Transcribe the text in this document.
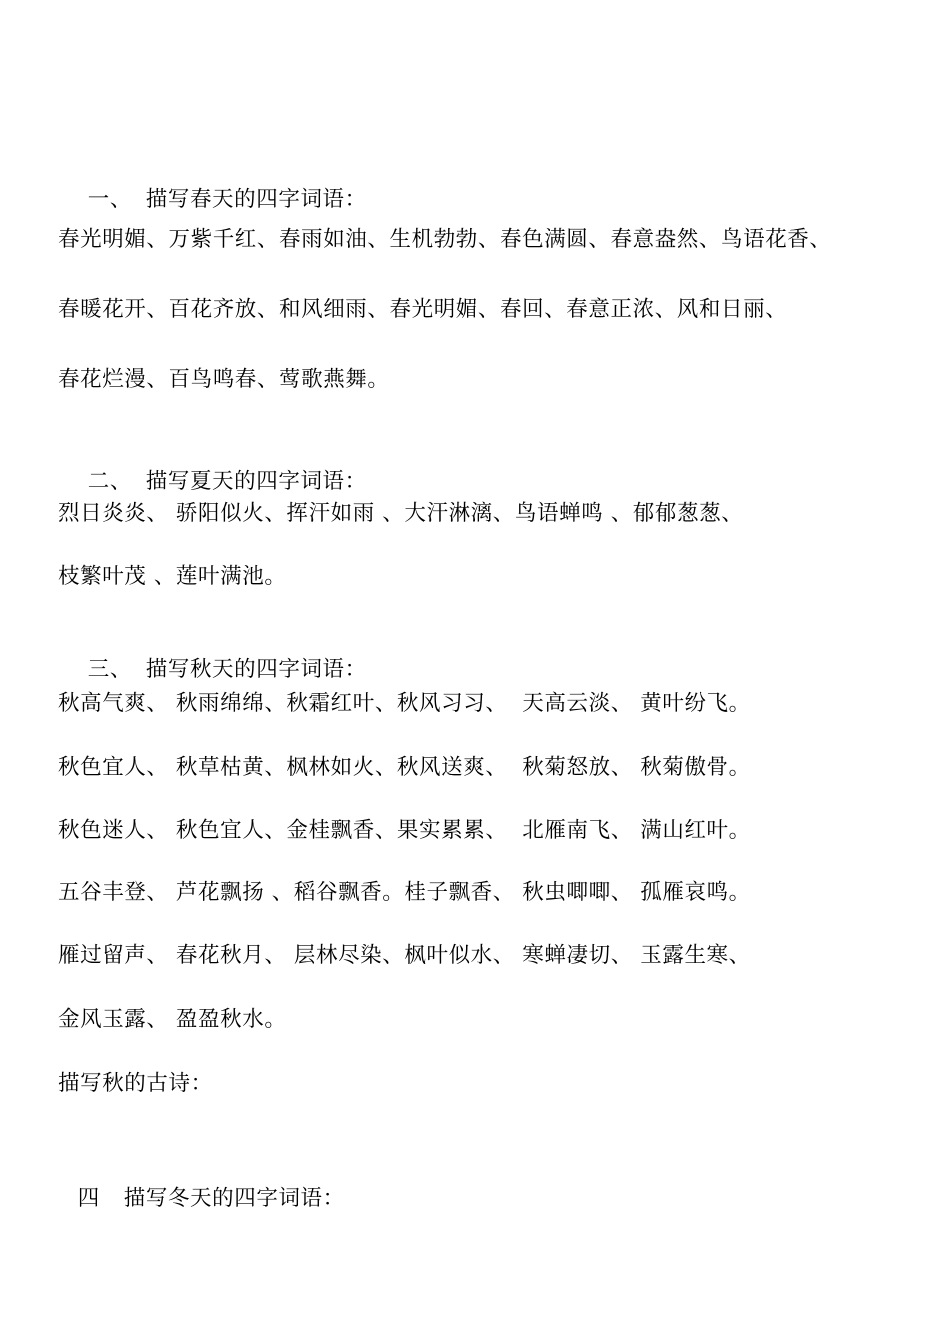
一、 描写春天的四字词语：

春光明媚、万紫千红、春雨如油、生机勃勃、春色满圆、春意盎然、鸟语花香、
春暖花开、百花齐放、和风细雨、春光明媚、春回、春意正浓、风和日丽、
春花烂漫、百鸟鸣春、莺歌燕舞。

二、 描写夏天的四字词语：

烈日炎炎、 骄阳似火、挥汗如雨 、大汗淋漓、鸟语蝉鸣 、郁郁葱葱、
枝繁叶茂 、莲叶满池。

三、 描写秋天的四字词语：

秋高气爽、 秋雨绵绵、秋霜红叶、秋风习习、  天高云淡、 黄叶纷飞。
秋色宜人、 秋草枯黄、枫林如火、秋风送爽、  秋菊怒放、 秋菊傲骨。
秋色迷人、 秋色宜人、金桂飘香、果实累累、  北雁南飞、 满山红叶。
五谷丰登、 芦花飘扬 、稻谷飘香。桂子飘香、 秋虫唧唧、 孤雁哀鸣。
雁过留声、 春花秋月、 层林尽染、枫叶似水、 寒蝉凄切、 玉露生寒、
金风玉露、 盈盈秋水。
描写秋的古诗：

四 描写冬天的四字词语：
